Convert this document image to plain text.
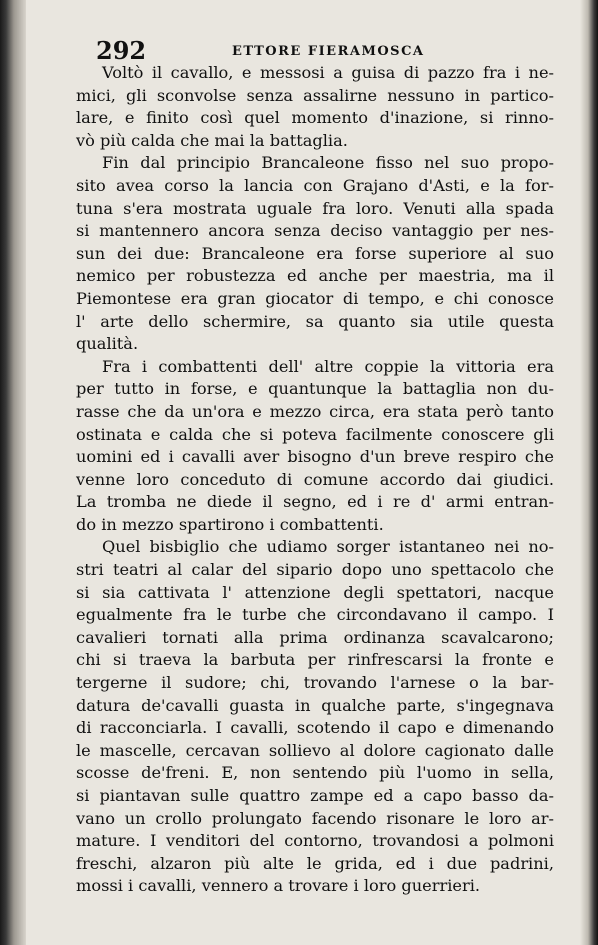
292	ETTORE FIERAMOSCA
Voltò il cavallo, e messosi a guisa di pazzo fra i ne-
mici, gli sconvolse senza assalirne nessuno in partico-
lare, e finito così quel momento d'inazione, si rinno-
vò più calda che mai la battaglia.
Fin dal principio Brancaleone fisso nel suo propo-
sito avea corso la lancia con Grajano d'Asti, e la for-
tuna s'era mostrata uguale fra loro. Venuti alla spada
si mantennero ancora senza deciso vantaggio per nes-
sun dei due: Brancaleone era forse superiore al suo
nemico per robustezza ed anche per maestria, ma il
Piemontese era gran giocator di tempo, e chi conosce
l' arte dello schermire, sa quanto sia utile questa
qualità.
Fra i combattenti dell' altre coppie la vittoria era
per tutto in forse, e quantunque la battaglia non du-
rasse che da un'ora e mezzo circa, era stata però tanto
ostinata e calda che si poteva facilmente conoscere gli
uomini ed i cavalli aver bisogno d'un breve respiro che
venne loro conceduto di comune accordo dai giudici.
La tromba ne diede il segno, ed i re d' armi entran-
do in mezzo spartirono i combattenti.
Quel bisbiglio che udiamo sorger istantaneo nei no-
stri teatri al calar del sipario dopo uno spettacolo che
si sia cattivata l' attenzione degli spettatori, nacque
egualmente fra le turbe che circondavano il campo. I
cavalieri tornati alla prima ordinanza scavalcarono;
chi si traeva la barbuta per rinfrescarsi la fronte e
tergerne il sudore; chi, trovando l'arnese o la bar-
datura de'cavalli guasta in qualche parte, s'ingegnava
di racconciarla. I cavalli, scotendo il capo e dimenando
le mascelle, cercavan sollievo al dolore cagionato dalle
scosse de'freni. E, non sentendo più l'uomo in sella,
si piantavan sulle quattro zampe ed a capo basso da-
vano un crollo prolungato facendo risonare le loro ar-
mature. I venditori del contorno, trovandosi a polmoni
freschi, alzaron più alte le grida, ed i due padrini,
mossi i cavalli, vennero a trovare i loro guerrieri.
